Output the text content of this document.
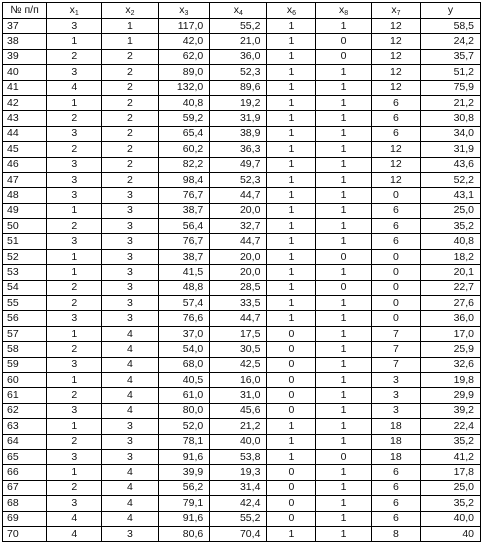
№ п/п	$x_1$	$x_2$	$x_3$	$x_4$	$x_6$	$x_8$	$x_7$	y
37	3	1	117,0	55,2	1	1	12	58,5
38	1	1	42,0	21,0	1	0	12	24,2
39	2	2	62,0	36,0	1	0	12	35,7
40	3	2	89,0	52,3	1	1	12	51,2
41	4	2	132,0	89,6	1	1	12	75,9
42	1	2	40,8	19,2	1	1	6	21,2
43	2	2	59,2	31,9	1	1	6	30,8
44	3	2	65,4	38,9	1	1	6	34,0
45	2	2	60,2	36,3	1	1	12	31,9
46	3	2	82,2	49,7	1	1	12	43,6
47	3	2	98,4	52,3	1	1	12	52,2
48	3	3	76,7	44,7	1	1	0	43,1
49	1	3	38,7	20,0	1	1	6	25,0
50	2	3	56,4	32,7	1	1	6	35,2
51	3	3	76,7	44,7	1	1	6	40,8
52	1	3	38,7	20,0	1	0	0	18,2
53	1	3	41,5	20,0	1	1	0	20,1
54	2	3	48,8	28,5	1	0	0	22,7
55	2	3	57,4	33,5	1	1	0	27,6
56	3	3	76,6	44,7	1	1	0	36,0
57	1	4	37,0	17,5	0	1	7	17,0
58	2	4	54,0	30,5	0	1	7	25,9
59	3	4	68,0	42,5	0	1	7	32,6
60	1	4	40,5	16,0	0	1	3	19,8
61	2	4	61,0	31,0	0	1	3	29,9
62	3	4	80,0	45,6	0	1	3	39,2
63	1	3	52,0	21,2	1	1	18	22,4
64	2	3	78,1	40,0	1	1	18	35,2
65	3	3	91,6	53,8	1	0	18	41,2
66	1	4	39,9	19,3	0	1	6	17,8
67	2	4	56,2	31,4	0	1	6	25,0
68	3	4	79,1	42,4	0	1	6	35,2
69	4	4	91,6	55,2	0	1	6	40,0
70	4	3	80,6	70,4	1	1	8	40
